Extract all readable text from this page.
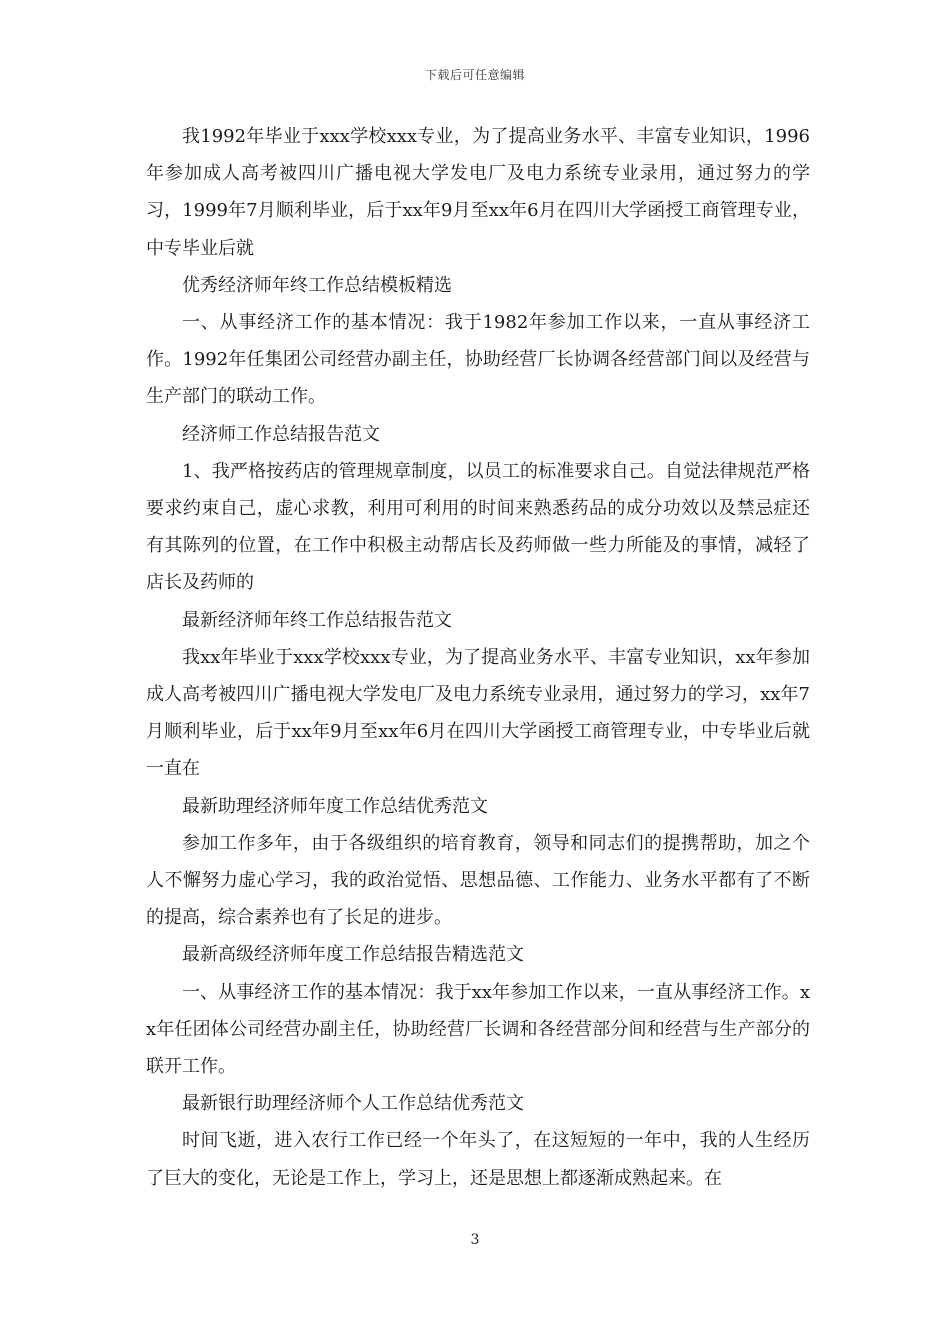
下载后可任意编辑

我1992年毕业于xxx学校xxx专业，为了提高业务水平、丰富专业知识，1996年参加成人高考被四川广播电视大学发电厂及电力系统专业录用，通过努力的学习，1999年7月顺利毕业，后于xx年9月至xx年6月在四川大学函授工商管理专业，中专毕业后就

优秀经济师年终工作总结模板精选

一、从事经济工作的基本情况：我于1982年参加工作以来，一直从事经济工作。1992年任集团公司经营办副主任，协助经营厂长协调各经营部门间以及经营与生产部门的联动工作。

经济师工作总结报告范文

1、我严格按药店的管理规章制度，以员工的标准要求自己。自觉法律规范严格要求约束自己，虚心求教，利用可利用的时间来熟悉药品的成分功效以及禁忌症还有其陈列的位置，在工作中积极主动帮店长及药师做一些力所能及的事情，减轻了店长及药师的

最新经济师年终工作总结报告范文

我xx年毕业于xxx学校xxx专业，为了提高业务水平、丰富专业知识，xx年参加成人高考被四川广播电视大学发电厂及电力系统专业录用，通过努力的学习，xx年7月顺利毕业，后于xx年9月至xx年6月在四川大学函授工商管理专业，中专毕业后就一直在

最新助理经济师年度工作总结优秀范文

参加工作多年，由于各级组织的培育教育，领导和同志们的提携帮助，加之个人不懈努力虚心学习，我的政治觉悟、思想品德、工作能力、业务水平都有了不断的提高，综合素养也有了长足的进步。

最新高级经济师年度工作总结报告精选范文

一、从事经济工作的基本情况：我于xx年参加工作以来，一直从事经济工作。xx年任团体公司经营办副主任，协助经营厂长调和各经营部分间和经营与生产部分的联开工作。

最新银行助理经济师个人工作总结优秀范文

时间飞逝，进入农行工作已经一个年头了，在这短短的一年中，我的人生经历了巨大的变化，无论是工作上，学习上，还是思想上都逐渐成熟起来。在

3
